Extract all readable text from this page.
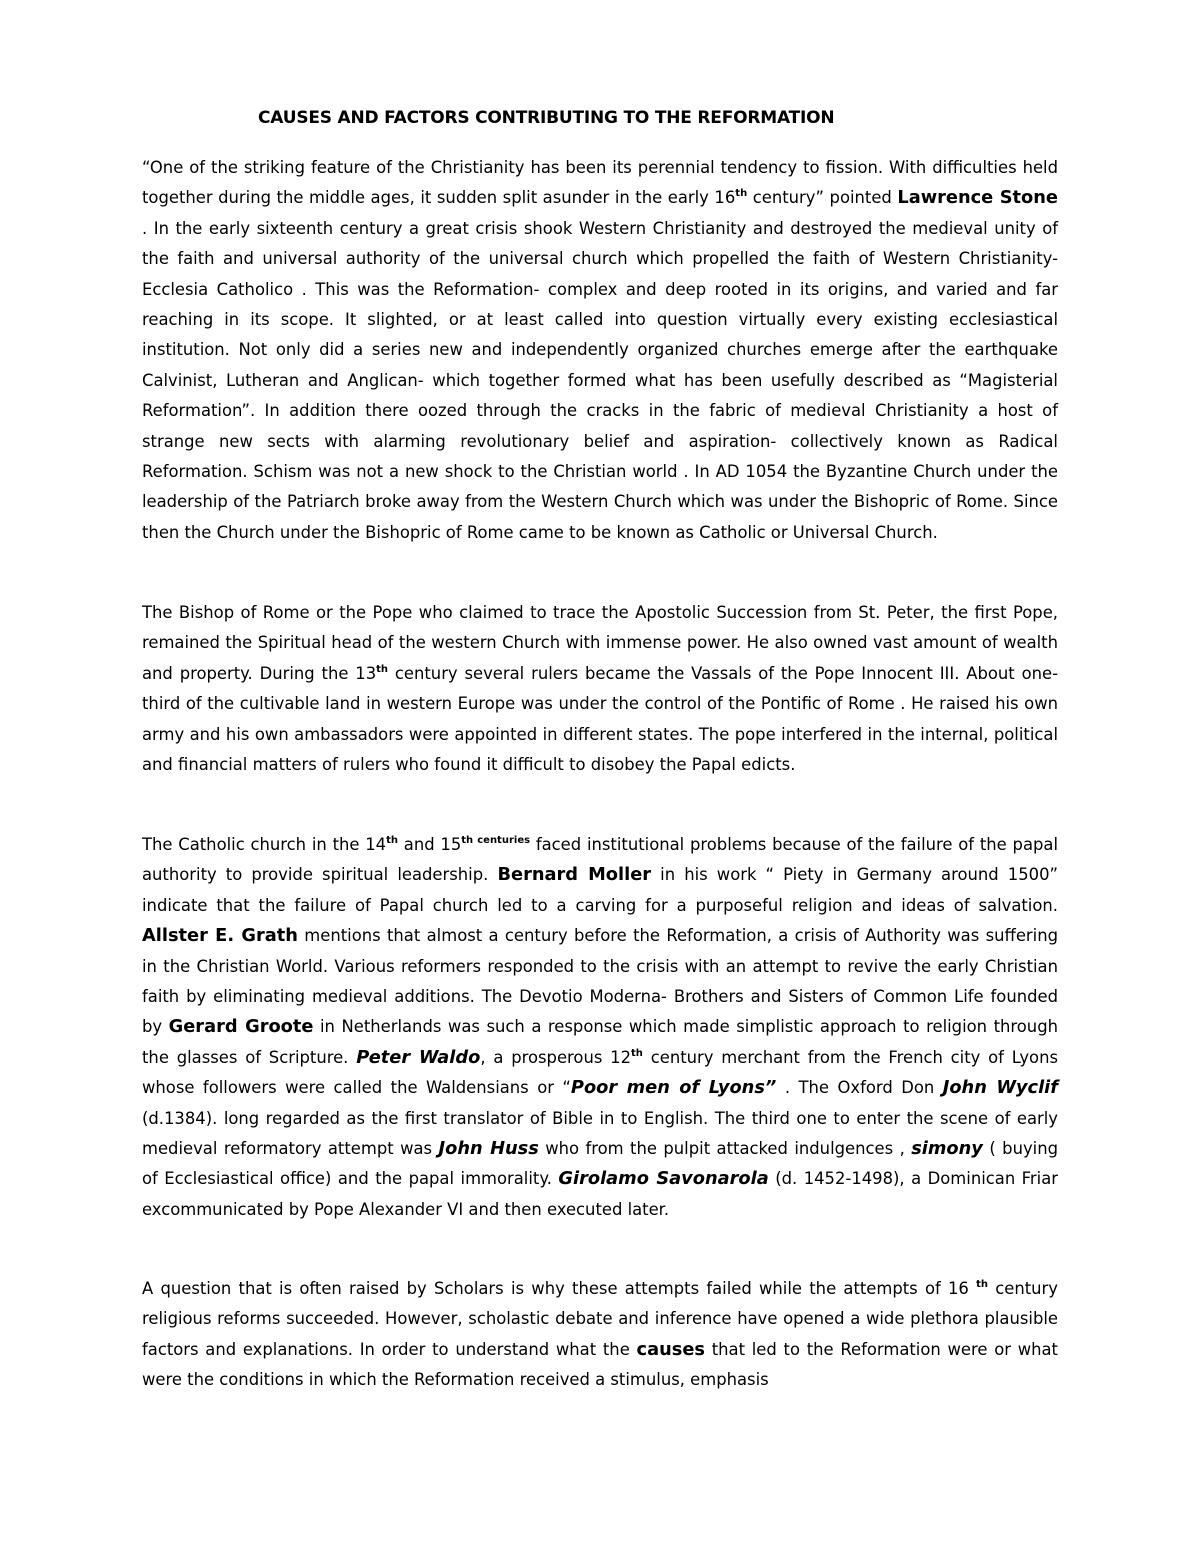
CAUSES AND FACTORS CONTRIBUTING TO THE REFORMATION

“One of the striking feature of the Christianity has been its perennial tendency to fission. With difficulties held together during the middle ages, it sudden split asunder in the early 16th century” pointed Lawrence Stone . In the early sixteenth century a great crisis shook Western Christianity and destroyed the medieval unity of the faith and universal authority of the universal church which propelled the faith of Western Christianity- Ecclesia Catholico . This was the Reformation- complex and deep rooted in its origins, and varied and far reaching in its scope. It slighted, or at least called into question virtually every existing ecclesiastical institution. Not only did a series new and independently organized churches emerge after the earthquake Calvinist, Lutheran and Anglican- which together formed what has been usefully described as “Magisterial Reformation”. In addition there oozed through the cracks in the fabric of medieval Christianity a host of strange new sects with alarming revolutionary belief and aspiration- collectively known as Radical Reformation. Schism was not a new shock to the Christian world . In AD 1054 the Byzantine Church under the leadership of the Patriarch broke away from the Western Church which was under the Bishopric of Rome. Since then the Church under the Bishopric of Rome came to be known as Catholic or Universal Church.

The Bishop of Rome or the Pope who claimed to trace the Apostolic Succession from St. Peter, the first Pope, remained the Spiritual head of the western Church with immense power. He also owned vast amount of wealth and property. During the 13th century several rulers became the Vassals of the Pope Innocent III. About one-third of the cultivable land in western Europe was under the control of the Pontific of Rome . He raised his own army and his own ambassadors were appointed in different states. The pope interfered in the internal, political and financial matters of rulers who found it difficult to disobey the Papal edicts.

The Catholic church in the 14th and $15^{th centuries}$ faced institutional problems because of the failure of the papal authority to provide spiritual leadership. Bernard Moller in his work “ Piety in Germany around 1500” indicate that the failure of Papal church led to a carving for a purposeful religion and ideas of salvation. Allster E. Grath mentions that almost a century before the Reformation, a crisis of Authority was suffering in the Christian World. Various reformers responded to the crisis with an attempt to revive the early Christian faith by eliminating medieval additions. The Devotio Moderna- Brothers and Sisters of Common Life founded by Gerard Groote in Netherlands was such a response which made simplistic approach to religion through the glasses of Scripture. Peter Waldo, a prosperous 12th century merchant from the French city of Lyons whose followers were called the Waldensians or “Poor men of Lyons” . The Oxford Don John Wyclif (d.1384). long regarded as the first translator of Bible in to English. The third one to enter the scene of early medieval reformatory attempt was John Huss who from the pulpit attacked indulgences , simony ( buying of Ecclesiastical office) and the papal immorality. Girolamo Savonarola (d. 1452-1498), a Dominican Friar excommunicated by Pope Alexander VI and then executed later.

A question that is often raised by Scholars is why these attempts failed while the attempts of 16 $^{th}$ century religious reforms succeeded. However, scholastic debate and inference have opened a wide plethora plausible factors and explanations. In order to understand what the causes that led to the Reformation were or what were the conditions in which the Reformation received a stimulus, emphasis
